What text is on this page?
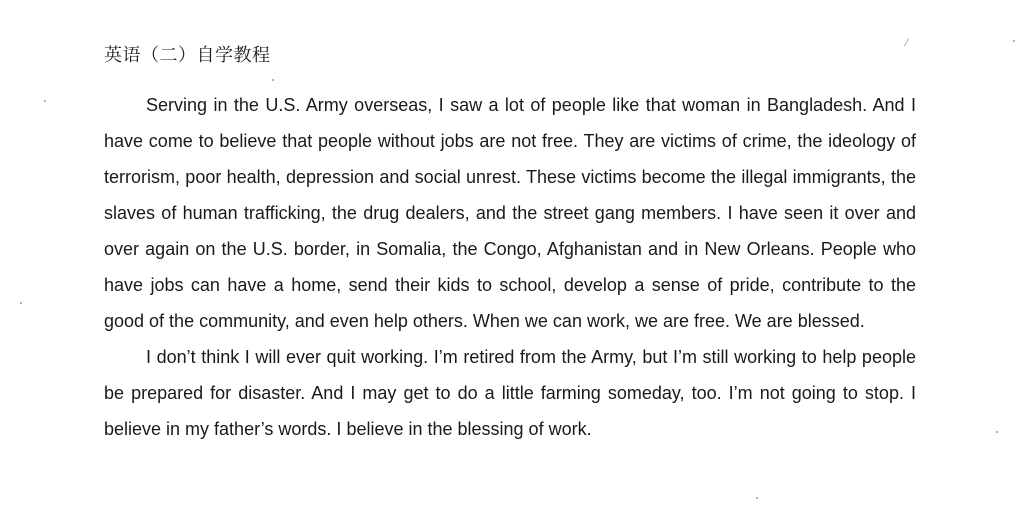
英语（二）自学教程

Serving in the U.S. Army overseas, I saw a lot of people like that woman in Bangladesh. And I have come to believe that people without jobs are not free. They are victims of crime, the ideology of terrorism, poor health, depression and social unrest. These victims become the illegal immigrants, the slaves of human trafficking, the drug dealers, and the street gang members. I have seen it over and over again on the U.S. border, in Somalia, the Congo, Afghanistan and in New Orleans. People who have jobs can have a home, send their kids to school, develop a sense of pride, contribute to the good of the community, and even help others. When we can work, we are free. We are blessed.

I don’t think I will ever quit working. I’m retired from the Army, but I’m still working to help people be prepared for disaster. And I may get to do a little farming someday, too. I’m not going to stop. I believe in my father’s words. I believe in the blessing of work.
